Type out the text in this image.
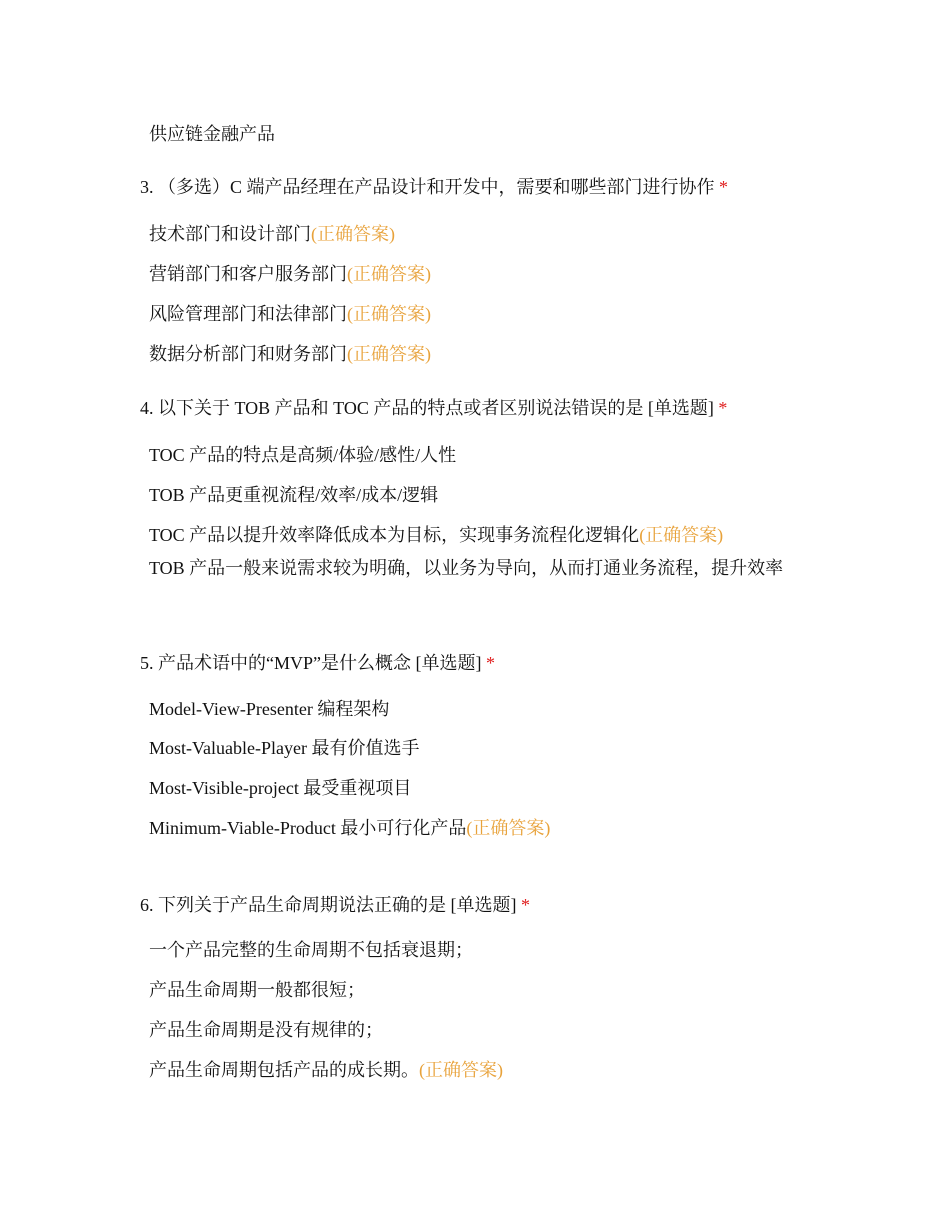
供应链金融产品
3. （多选）C 端产品经理在产品设计和开发中，需要和哪些部门进行协作 *
技术部门和设计部门(正确答案)
营销部门和客户服务部门(正确答案)
风险管理部门和法律部门(正确答案)
数据分析部门和财务部门(正确答案)
4. 以下关于 TOB 产品和 TOC 产品的特点或者区别说法错误的是 [单选题] *
TOC 产品的特点是高频/体验/感性/人性
TOB 产品更重视流程/效率/成本/逻辑
TOC 产品以提升效率降低成本为目标，实现事务流程化逻辑化(正确答案)
TOB 产品一般来说需求较为明确，以业务为导向，从而打通业务流程，提升效率
5. 产品术语中的“MVP”是什么概念 [单选题] *
Model-View-Presenter 编程架构
Most-Valuable-Player 最有价值选手
Most-Visible-project 最受重视项目
Minimum-Viable-Product 最小可行化产品(正确答案)
6. 下列关于产品生命周期说法正确的是 [单选题] *
一个产品完整的生命周期不包括衰退期；
产品生命周期一般都很短；
产品生命周期是没有规律的；
产品生命周期包括产品的成长期。(正确答案)
